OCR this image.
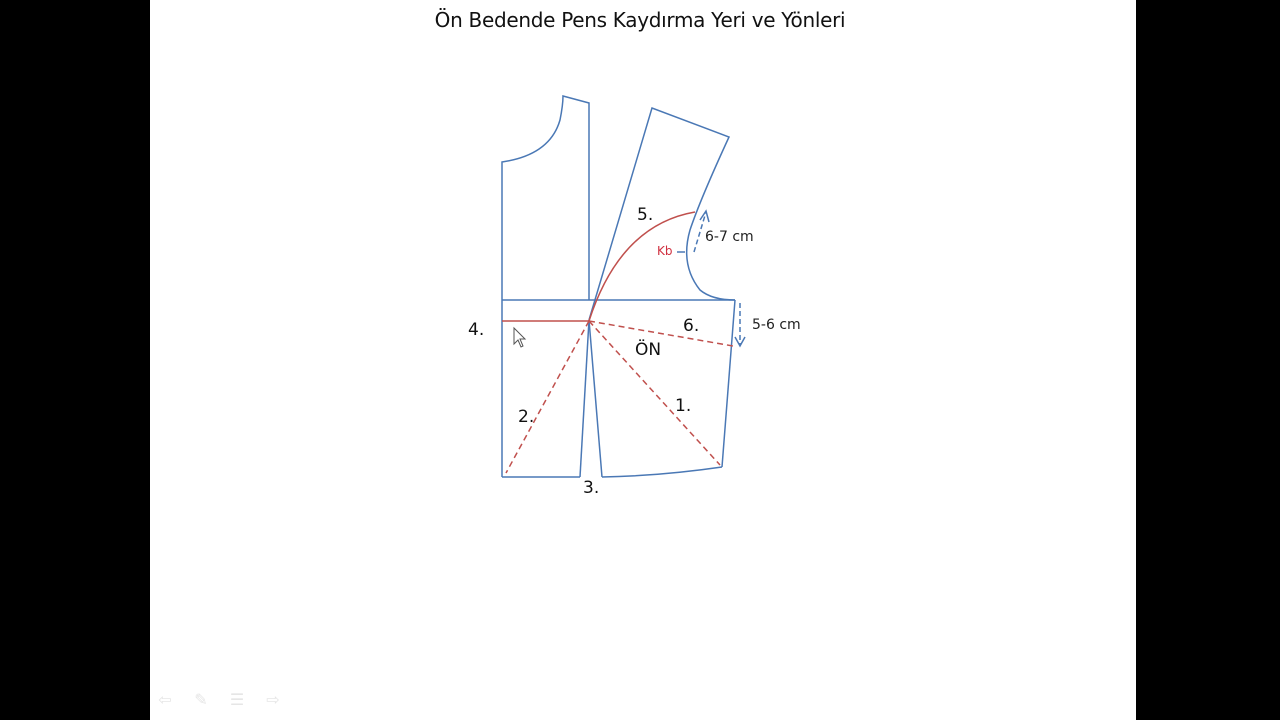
Ön Bedende Pens Kaydırma Yeri ve Yönleri
4.
5.
6.
ÖN
1.
2.
3.
Kb
6-7 cm
5-6 cm
⇦ ✎ ☰ ⇨
